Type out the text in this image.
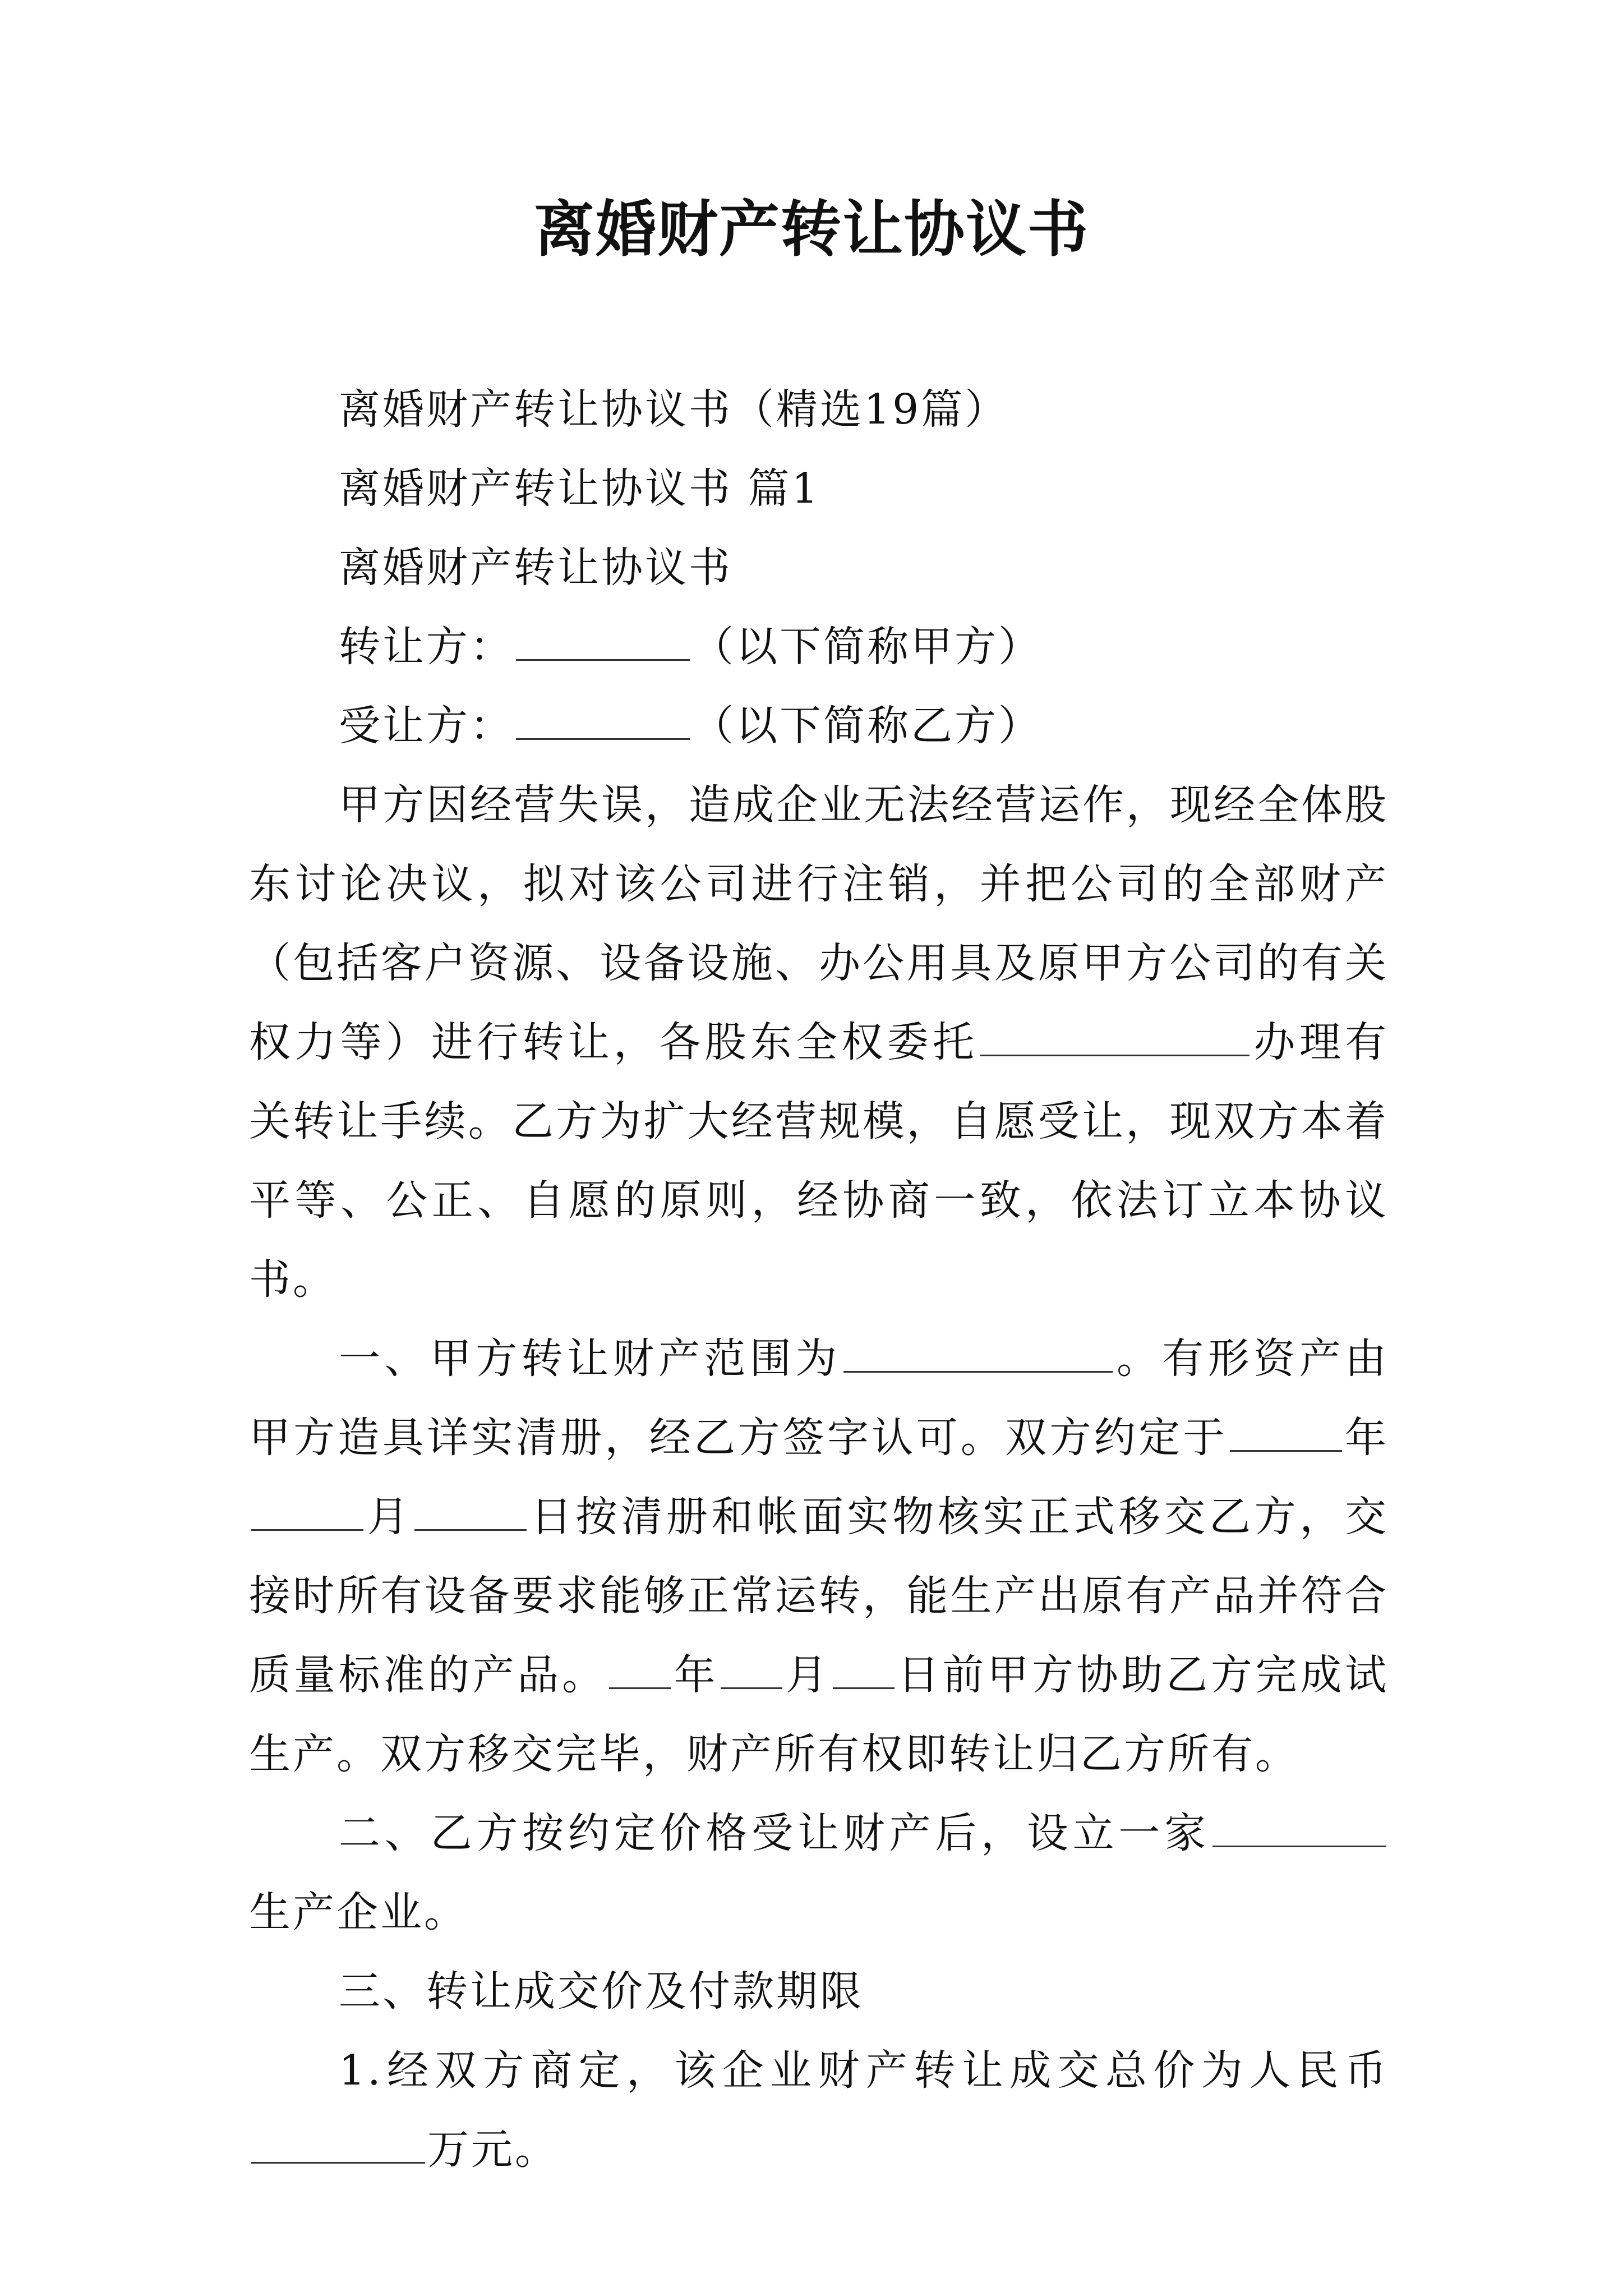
离婚财产转让协议书

离婚财产转让协议书（精选19篇）

离婚财产转让协议书 篇1

离婚财产转让协议书

转让方：	（以下简称甲方）

受让方：	（以下简称乙方）

甲方因经营失误，造成企业无法经营运作，现经全体股东讨论决议，拟对该公司进行注销，并把公司的全部财产（包括客户资源、设备设施、办公用具及原甲方公司的有关权力等）进行转让，各股东全权委托	办理有关转让手续。乙方为扩大经营规模，自愿受让，现双方本着平等、公正、自愿的原则，经协商一致，依法订立本协议书。

一、甲方转让财产范围为	。有形资产由甲方造具详实清册，经乙方签字认可。双方约定于	年月	日按清册和帐面实物核实正式移交乙方，交接时所有设备要求能够正常运转，能生产出原有产品并符合质量标准的产品。 年 月 日前甲方协助乙方完成试生产。双方移交完毕，财产所有权即转让归乙方所有。

二、乙方按约定价格受让财产后，设立一家生产企业。

三、转让成交价及付款期限

1.经双方商定，该企业财产转让成交总价为人民币万元。
